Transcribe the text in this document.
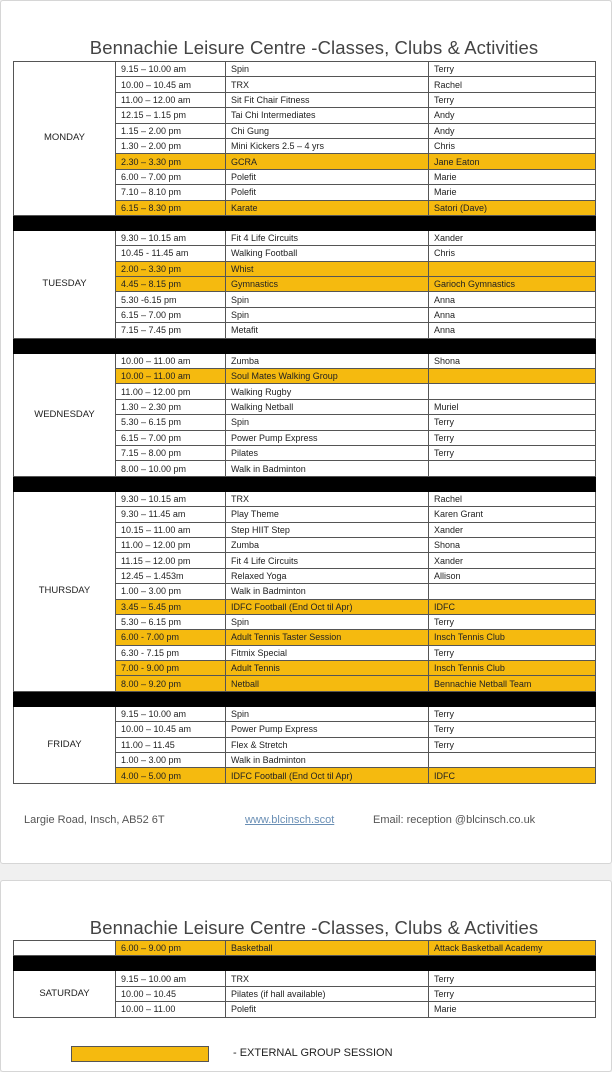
Bennachie Leisure Centre -Classes, Clubs & Activities
MONDAY	9.15 – 10.00 am	Spin	Terry
	10.00 – 10.45 am	TRX	Rachel
	11.00 – 12.00 am	Sit Fit Chair Fitness	Terry
	12.15 – 1.15 pm	Tai Chi Intermediates	Andy
	1.15 – 2.00 pm	Chi Gung	Andy
	1.30 – 2.00 pm	Mini Kickers 2.5 – 4 yrs	Chris
	2.30 – 3.30 pm	GCRA	Jane Eaton
	6.00 – 7.00 pm	Polefit	Marie
	7.10 – 8.10 pm	Polefit	Marie
	6.15 – 8.30 pm	Karate	Satori (Dave)

TUESDAY	9.30 – 10.15 am	Fit 4 Life Circuits	Xander
	10.45 - 11.45 am	Walking Football	Chris
	2.00 – 3.30 pm	Whist	
	4.45 – 8.15 pm	Gymnastics	Garioch Gymnastics
	5.30 -6.15 pm	Spin	Anna
	6.15 – 7.00 pm	Spin	Anna
	7.15 – 7.45 pm	Metafit	Anna

WEDNESDAY	10.00 – 11.00 am	Zumba	Shona
	10.00 – 11.00 am	Soul Mates Walking Group	
	11.00 – 12.00 pm	Walking Rugby	
	1.30 – 2.30 pm	Walking Netball	Muriel
	5.30 – 6.15 pm	Spin	Terry
	6.15 – 7.00 pm	Power Pump Express	Terry
	7.15 – 8.00 pm	Pilates	Terry
	8.00 – 10.00 pm	Walk in Badminton	

THURSDAY	9.30 – 10.15 am	TRX	Rachel
	9.30 – 11.45 am	Play Theme	Karen Grant
	10.15 – 11.00 am	Step HIIT Step	Xander
	11.00 – 12.00 pm	Zumba	Shona
	11.15 – 12.00 pm	Fit 4 Life Circuits	Xander
	12.45 – 1.453m	Relaxed Yoga	Allison
	1.00 – 3.00 pm	Walk in Badminton	
	3.45 – 5.45 pm	IDFC Football (End Oct til Apr)	IDFC
	5.30 – 6.15 pm	Spin	Terry
	6.00 - 7.00 pm	Adult Tennis Taster Session	Insch Tennis Club
	6.30 - 7.15 pm	Fitmix Special	Terry
	7.00 - 9.00 pm	Adult Tennis	Insch Tennis Club
	8.00 – 9.20 pm	Netball	Bennachie Netball Team

FRIDAY	9.15 – 10.00 am	Spin	Terry
	10.00 – 10.45 am	Power Pump Express	Terry
	11.00 – 11.45	Flex & Stretch	Terry
	1.00 – 3.00 pm	Walk in Badminton	
	4.00 – 5.00 pm	IDFC Football (End Oct til Apr)	IDFC
Largie Road, Insch, AB52 6T	www.blcinsch.scot	Email: reception @blcinsch.co.uk
Bennachie Leisure Centre -Classes, Clubs & Activities
	6.00 – 9.00 pm	Basketball	Attack Basketball Academy

SATURDAY	9.15 – 10.00 am	TRX	Terry
	10.00 – 10.45	Pilates (if hall available)	Terry
	10.00 – 11.00	Polefit	Marie
- EXTERNAL GROUP SESSION
